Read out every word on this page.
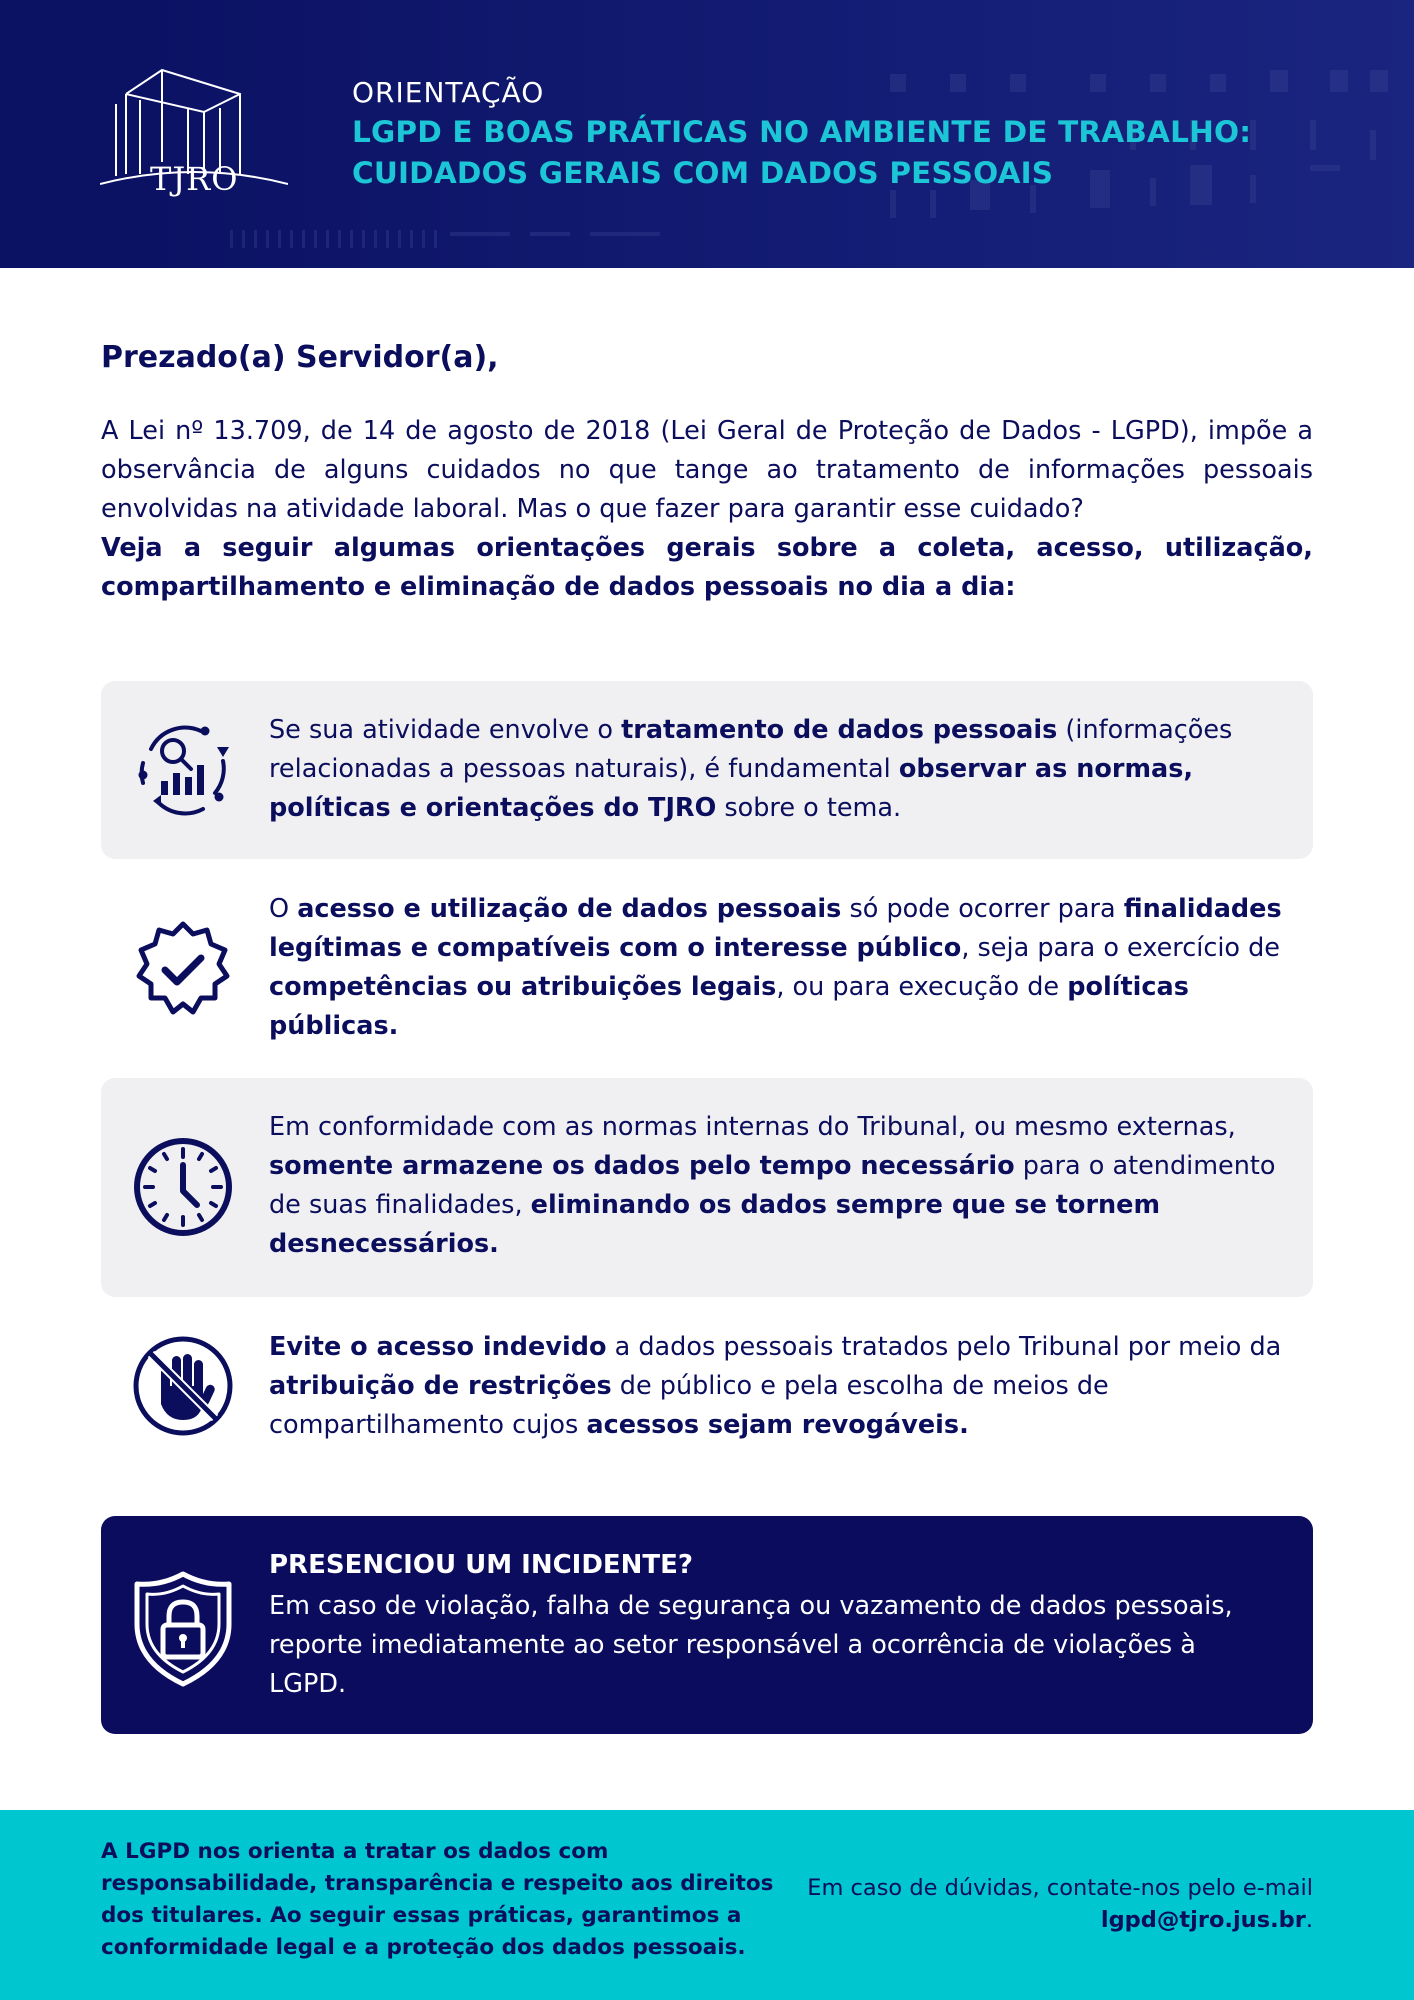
TJRO
ORIENTAÇÃO
LGPD E BOAS PRÁTICAS NO AMBIENTE DE TRABALHO:
CUIDADOS GERAIS COM DADOS PESSOAIS
Prezado(a) Servidor(a),

A Lei nº 13.709, de 14 de agosto de 2018 (Lei Geral de Proteção de Dados - LGPD), impõe a observância de alguns cuidados no que tange ao tratamento de informações pessoais envolvidas na atividade laboral. Mas o que fazer para garantir esse cuidado?

Veja a seguir algumas orientações gerais sobre a coleta, acesso, utilização, compartilhamento e eliminação de dados pessoais no dia a dia:

Se sua atividade envolve o tratamento de dados pessoais (informações relacionadas a pessoas naturais), é fundamental observar as normas, políticas e orientações do TJRO sobre o tema.
O acesso e utilização de dados pessoais só pode ocorrer para finalidades legítimas e compatíveis com o interesse público, seja para o exercício de competências ou atribuições legais, ou para execução de políticas públicas.
Em conformidade com as normas internas do Tribunal, ou mesmo externas, somente armazene os dados pelo tempo necessário para o atendimento de suas finalidades, eliminando os dados sempre que se tornem desnecessários.
Evite o acesso indevido a dados pessoais tratados pelo Tribunal por meio da atribuição de restrições de público e pela escolha de meios de compartilhamento cujos acessos sejam revogáveis.
PRESENCIOU UM INCIDENTE?
Em caso de violação, falha de segurança ou vazamento de dados pessoais, reporte imediatamente ao setor responsável a ocorrência de violações à LGPD.
A LGPD nos orienta a tratar os dados com responsabilidade, transparência e respeito aos direitos dos titulares. Ao seguir essas práticas, garantimos a conformidade legal e a proteção dos dados pessoais.
Em caso de dúvidas, contate-nos pelo e-mail lgpd@tjro.jus.br.
